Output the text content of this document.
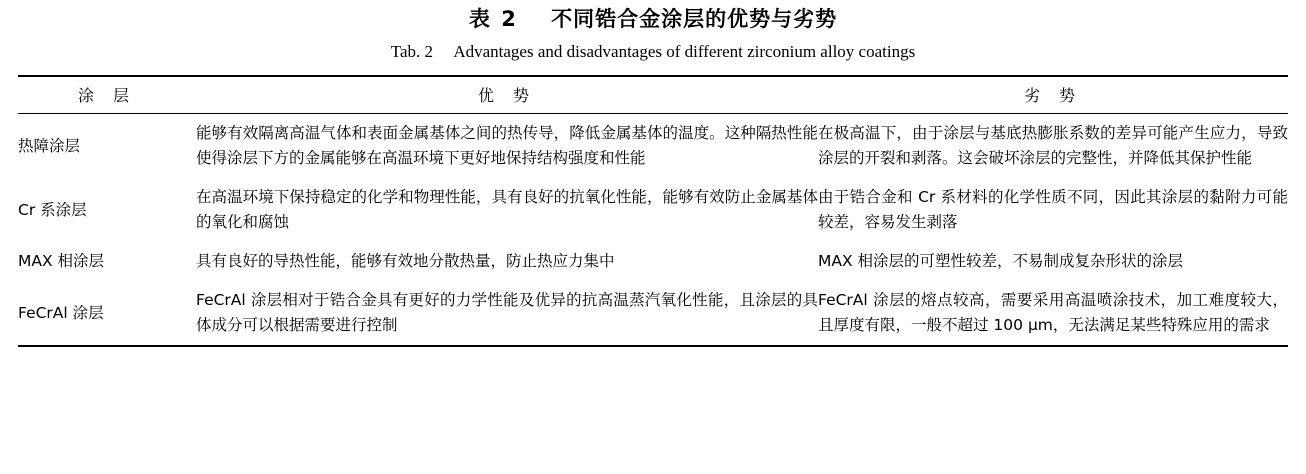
表 2 不同锆合金涂层的优势与劣势
Tab. 2 Advantages and disadvantages of different zirconium alloy coatings
涂 层	优 势	劣 势
热障涂层	能够有效隔离高温气体和表面金属基体之间的热传导，降低金属基体的温度。这种隔热性能使得涂层下方的金属能够在高温环境下更好地保持结构强度和性能	在极高温下，由于涂层与基底热膨胀系数的差异可能产生应力，导致涂层的开裂和剥落。这会破坏涂层的完整性，并降低其保护性能
Cr 系涂层	在高温环境下保持稳定的化学和物理性能，具有良好的抗氧化性能，能够有效防止金属基体的氧化和腐蚀	由于锆合金和 Cr 系材料的化学性质不同，因此其涂层的黏附力可能较差，容易发生剥落
MAX 相涂层	具有良好的导热性能，能够有效地分散热量，防止热应力集中	MAX 相涂层的可塑性较差，不易制成复杂形状的涂层
FeCrAl 涂层	FeCrAl 涂层相对于锆合金具有更好的力学性能及优异的抗高温蒸汽氧化性能，且涂层的具体成分可以根据需要进行控制	FeCrAl 涂层的熔点较高，需要采用高温喷涂技术，加工难度较大，且厚度有限，一般不超过 100 μm，无法满足某些特殊应用的需求
